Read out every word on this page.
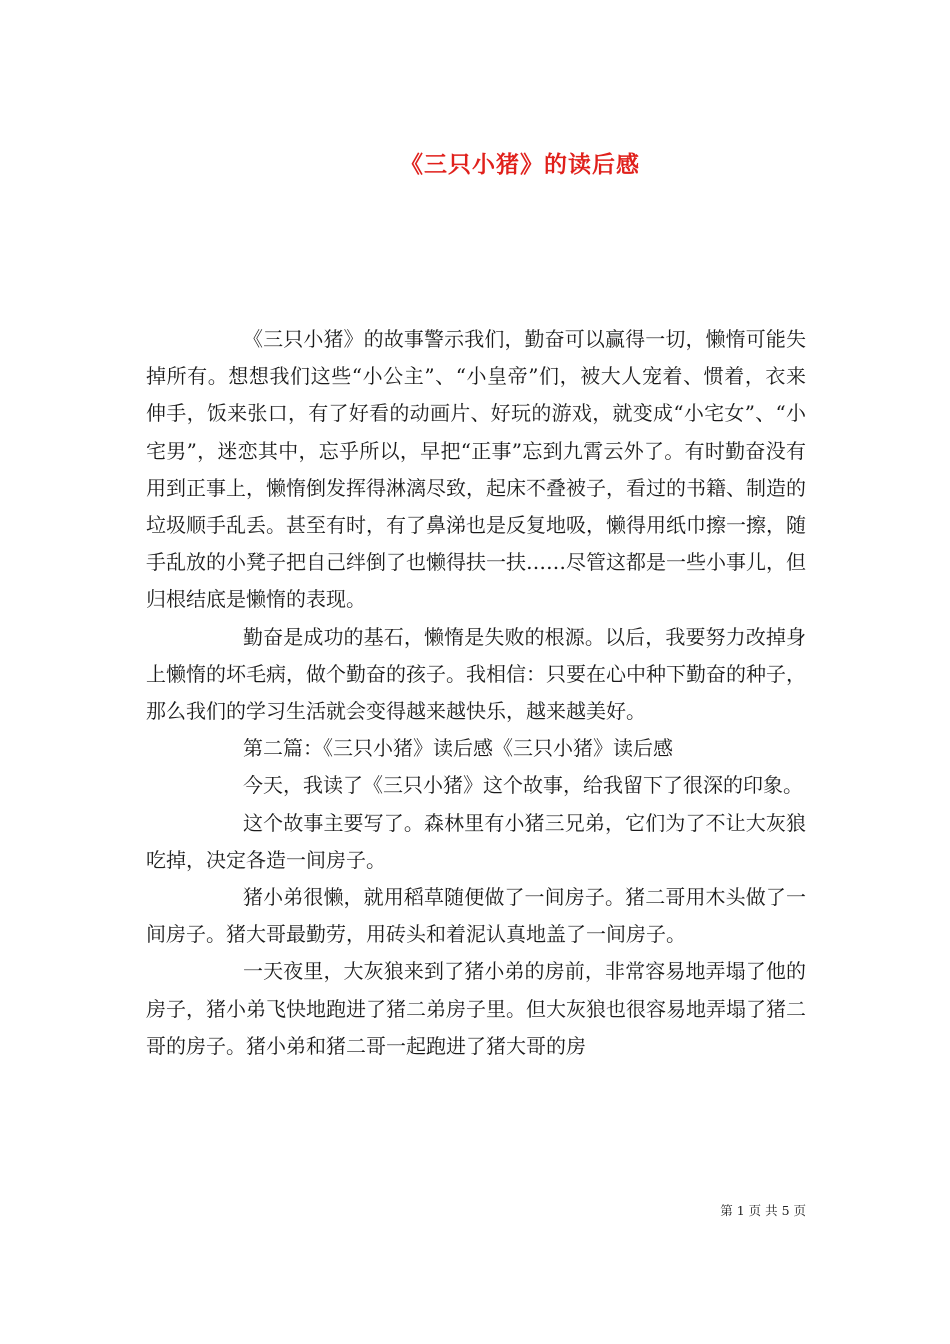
《三只小猪》的读后感

《三只小猪》的故事警示我们，勤奋可以赢得一切，懒惰可能失掉所有。想想我们这些“小公主”、“小皇帝”们，被大人宠着、惯着，衣来伸手，饭来张口，有了好看的动画片、好玩的游戏，就变成“小宅女”、“小宅男”，迷恋其中，忘乎所以，早把“正事”忘到九霄云外了。有时勤奋没有用到正事上，懒惰倒发挥得淋漓尽致，起床不叠被子，看过的书籍、制造的垃圾顺手乱丢。甚至有时，有了鼻涕也是反复地吸，懒得用纸巾擦一擦，随手乱放的小凳子把自己绊倒了也懒得扶一扶……尽管这都是一些小事儿，但归根结底是懒惰的表现。

勤奋是成功的基石，懒惰是失败的根源。以后，我要努力改掉身上懒惰的坏毛病，做个勤奋的孩子。我相信：只要在心中种下勤奋的种子，那么我们的学习生活就会变得越来越快乐，越来越美好。

第二篇：《三只小猪》读后感《三只小猪》读后感

今天，我读了《三只小猪》这个故事，给我留下了很深的印象。

这个故事主要写了。森林里有小猪三兄弟，它们为了不让大灰狼吃掉，决定各造一间房子。

猪小弟很懒，就用稻草随便做了一间房子。猪二哥用木头做了一间房子。猪大哥最勤劳，用砖头和着泥认真地盖了一间房子。

一天夜里，大灰狼来到了猪小弟的房前，非常容易地弄塌了他的房子，猪小弟飞快地跑进了猪二弟房子里。但大灰狼也很容易地弄塌了猪二哥的房子。猪小弟和猪二哥一起跑进了猪大哥的房

第 1 页 共 5 页
